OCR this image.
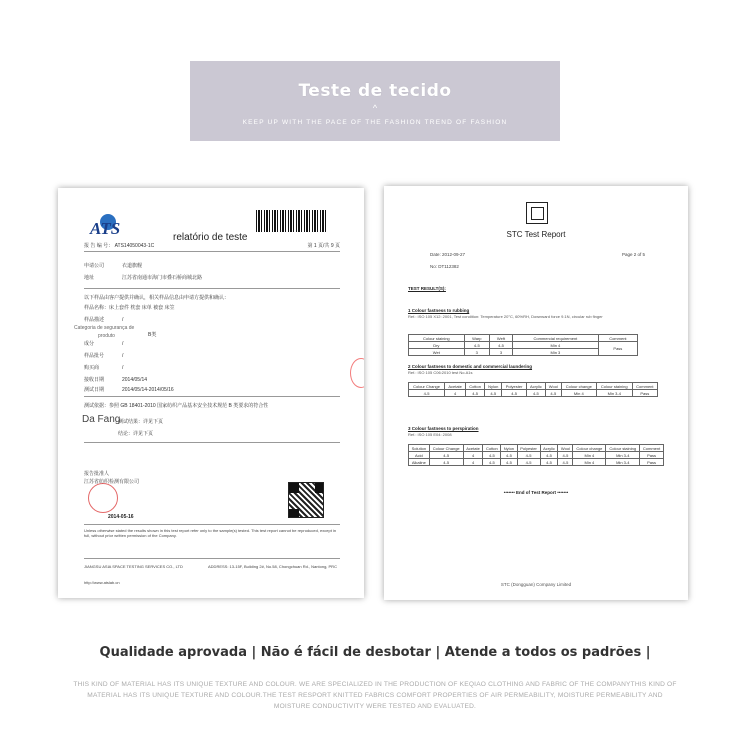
Teste de tecido
^
KEEP UP WITH THE PACE OF THE FASHION TREND OF FASHION
ATS	relatório de teste
报 告 编 号： ATS14050043-1C	第 1 页/共 9 页
申请公司	衣道旗舰
地址	江苏省南通市海门市叠石桥商城北路
以下样品由客户提供并确认，相关样品信息由申请方提供和确认：
样品名称：床上套件 枕套 床单 被套 床笠
样品描述	/
Categoria de segurança de
produto	B类
成分	/
样品批号	/
购买商	/
接收日期	2014/05/14
测试日期	2014/05/14-2014/05/16
测试依据：参照 GB 18401-2010 国家纺织产品基本安全技术规范 B 类要求的符合性
Da Fang
测试结果：详见下页
结论：详见下页
报告批准人
江苏省纺织检测有限公司
2014-05-16
Unless otherwise stated the results shown in this test report refer only to the sample(s) tested. This test report cannot be reproduced, except in full, without prior written permission of the Company.
JIANGSU ASIA SPACE TESTING SERVICES CO., LTD	ADDRESS: 13-15F, Building 2#, No.58, Chongchuan Rd., Nantong, PRC
http://www.atslab.cn
STC Test Report
Date: 2012-09-27	Page 2 of 5
No: DT112382
TEST RESULT(S):
1 Colour fastness to rubbing
Ref.: ISO 105 X12: 2001, Test condition: Temperature 20°C, 60%RH, Downward force 9.1N, circular rub finger
Colour staining	Warp	Weft	Commercial requirement	Comment
Dry	4-5	4-5	Min 4	Pass
Wet	3	3	Min 3	
2 Colour fastness to domestic and commercial laundering
Ref.: ISO 105 C06:2010 test No.A1s
Colour Change	Acetate	Cotton	Nylon	Polyester	Acrylic	Wool	Colour change	Colour staining	Comment
4-5	4	4-5	4-5	4-5	4-5	4-5	Min 4	Min 3-4	Pass
3 Colour fastness to perspiration
Ref.: ISO 105 E04: 2008
Solution	Colour Change	Acetate	Cotton	Nylon	Polyester	Acrylic	Wool	Colour change	Colour staining	Comment
Acid	4-5	4	4-5	4-5	4-5	4-5	4-5	Min 4	Min 3-4	Pass
Alkaline	4-5	4	4-5	4-5	4-5	4-5	4-5	Min 4	Min 3-4	Pass
••••••• End of Test Report •••••••
STC (Dongguan) Company Limited
Qualidade aprovada | Não é fácil de desbotar | Atende a todos os padrões |
THIS KIND OF MATERIAL HAS ITS UNIQUE TEXTURE AND COLOUR. WE ARE SPECIALIZED IN THE PRODUCTION OF KEQIAO CLOTHING AND FABRIC OF THE COMPANYTHIS KIND OF MATERIAL HAS ITS UNIQUE TEXTURE AND COLOUR.THE TEST RESPORT KNITTED FABRICS COMFORT PROPERTIES OF AIR PERMEABILITY, MOISTURE PERMEABILITY AND MOISTURE CONDUCTIVITY WERE TESTED AND EVALUATED.
